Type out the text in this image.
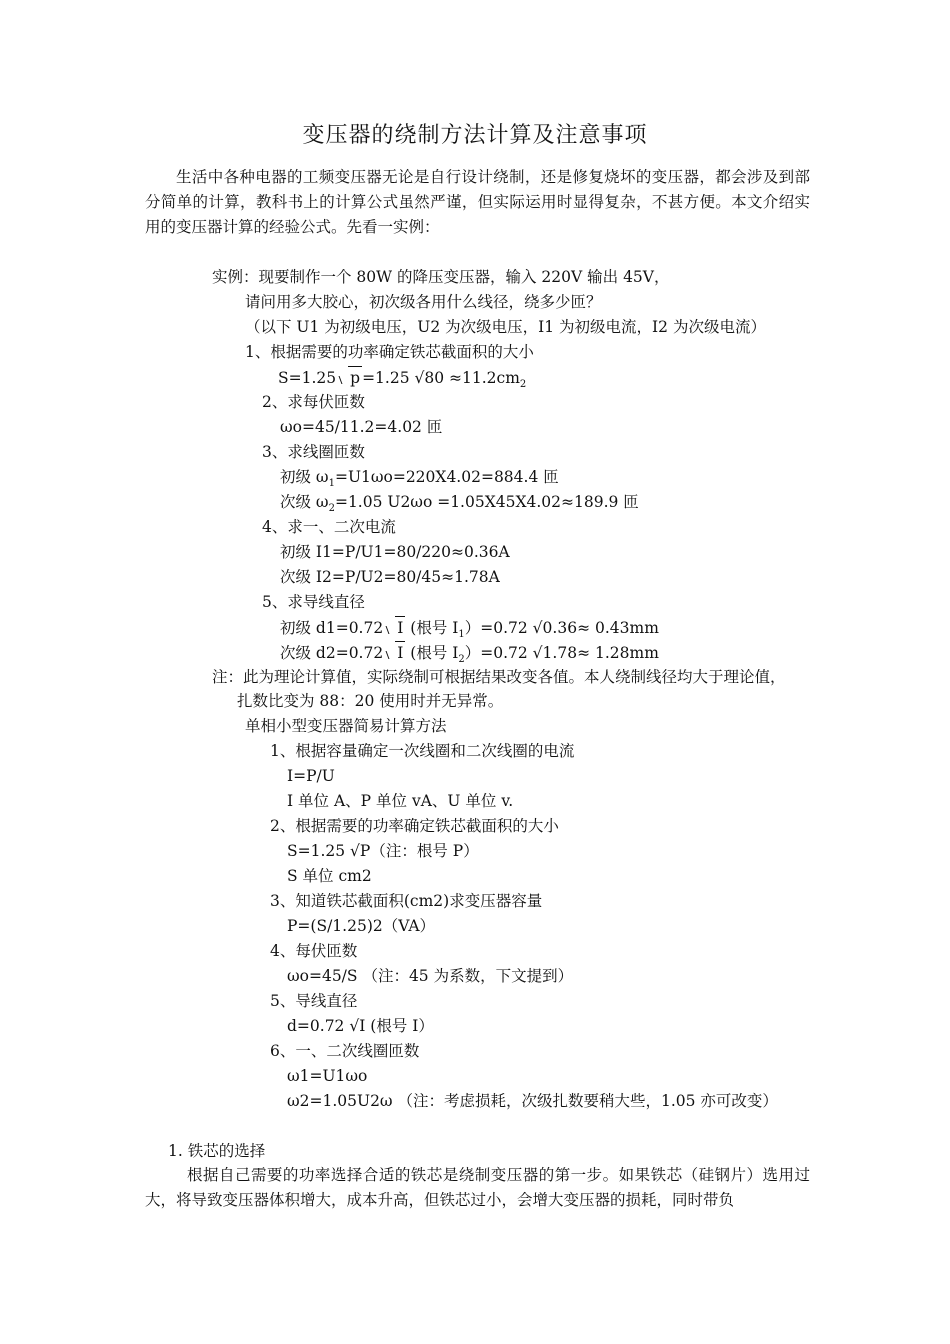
变压器的绕制方法计算及注意事项
生活中各种电器的工频变压器无论是自行设计绕制，还是修复烧坏的变压器，都会涉及到部分简单的计算，教科书上的计算公式虽然严谨，但实际运用时显得复杂，不甚方便。本文介绍实用的变压器计算的经验公式。先看一实例：
实例：现要制作一个 80W 的降压变压器，输入 220V 输出 45V，
请问用多大胶心，初次级各用什么线径，绕多少匝？
（以下 U1 为初级电压，U2 为次级电压，I1 为初级电流，I2 为次级电流）
1、根据需要的功率确定铁芯截面积的大小
S=1.25 p =1.25 $√80 \approx 11.2cm_2$
2、求每伏匝数
ωo=45/11.2=4.02 匝
3、求线圈匝数
初级 $\omega_1=U1\omega o=220X4.02=884.4$ 匝
次级 $\omega_2=1.05$ U2ωo =1.05X45X4.02≈189.9 匝
4、求一、二次电流
初级 I1=P/U1=80/220≈0.36A
次级 I2=P/U2=80/45≈1.78A
5、求导线直径
初级 d1=0.72 I (根号 $I_1)=0.72$ √0.36≈ 0.43mm
次级 d2=0.72 I (根号 $I_2)=0.72$ √1.78≈ 1.28mm
注：此为理论计算值，实际绕制可根据结果改变各值。本人绕制线径均大于理论值，
扎数比变为 88：20 使用时并无异常。
单相小型变压器简易计算方法
1、根据容量确定一次线圈和二次线圈的电流
I=P/U
I 单位 A、P 单位 vA、U 单位 v.
2、根据需要的功率确定铁芯截面积的大小
S=1.25 √P（注：根号 P）
S 单位 cm2
3、知道铁芯截面积(cm2)求变压器容量
P=(S/1.25)2（VA）
4、每伏匝数
ωo=45/S （注：45 为系数，下文提到）
5、导线直径
d=0.72 √I (根号 I）
6、一、二次线圈匝数
ω1=U1ωo
ω2=1.05U2ω （注：考虑损耗，次级扎数要稍大些，1.05 亦可改变）
1. 铁芯的选择
根据自己需要的功率选择合适的铁芯是绕制变压器的第一步。如果铁芯（硅钢片）选用过大，将导致变压器体积增大，成本升高，但铁芯过小，会增大变压器的损耗，同时带负
